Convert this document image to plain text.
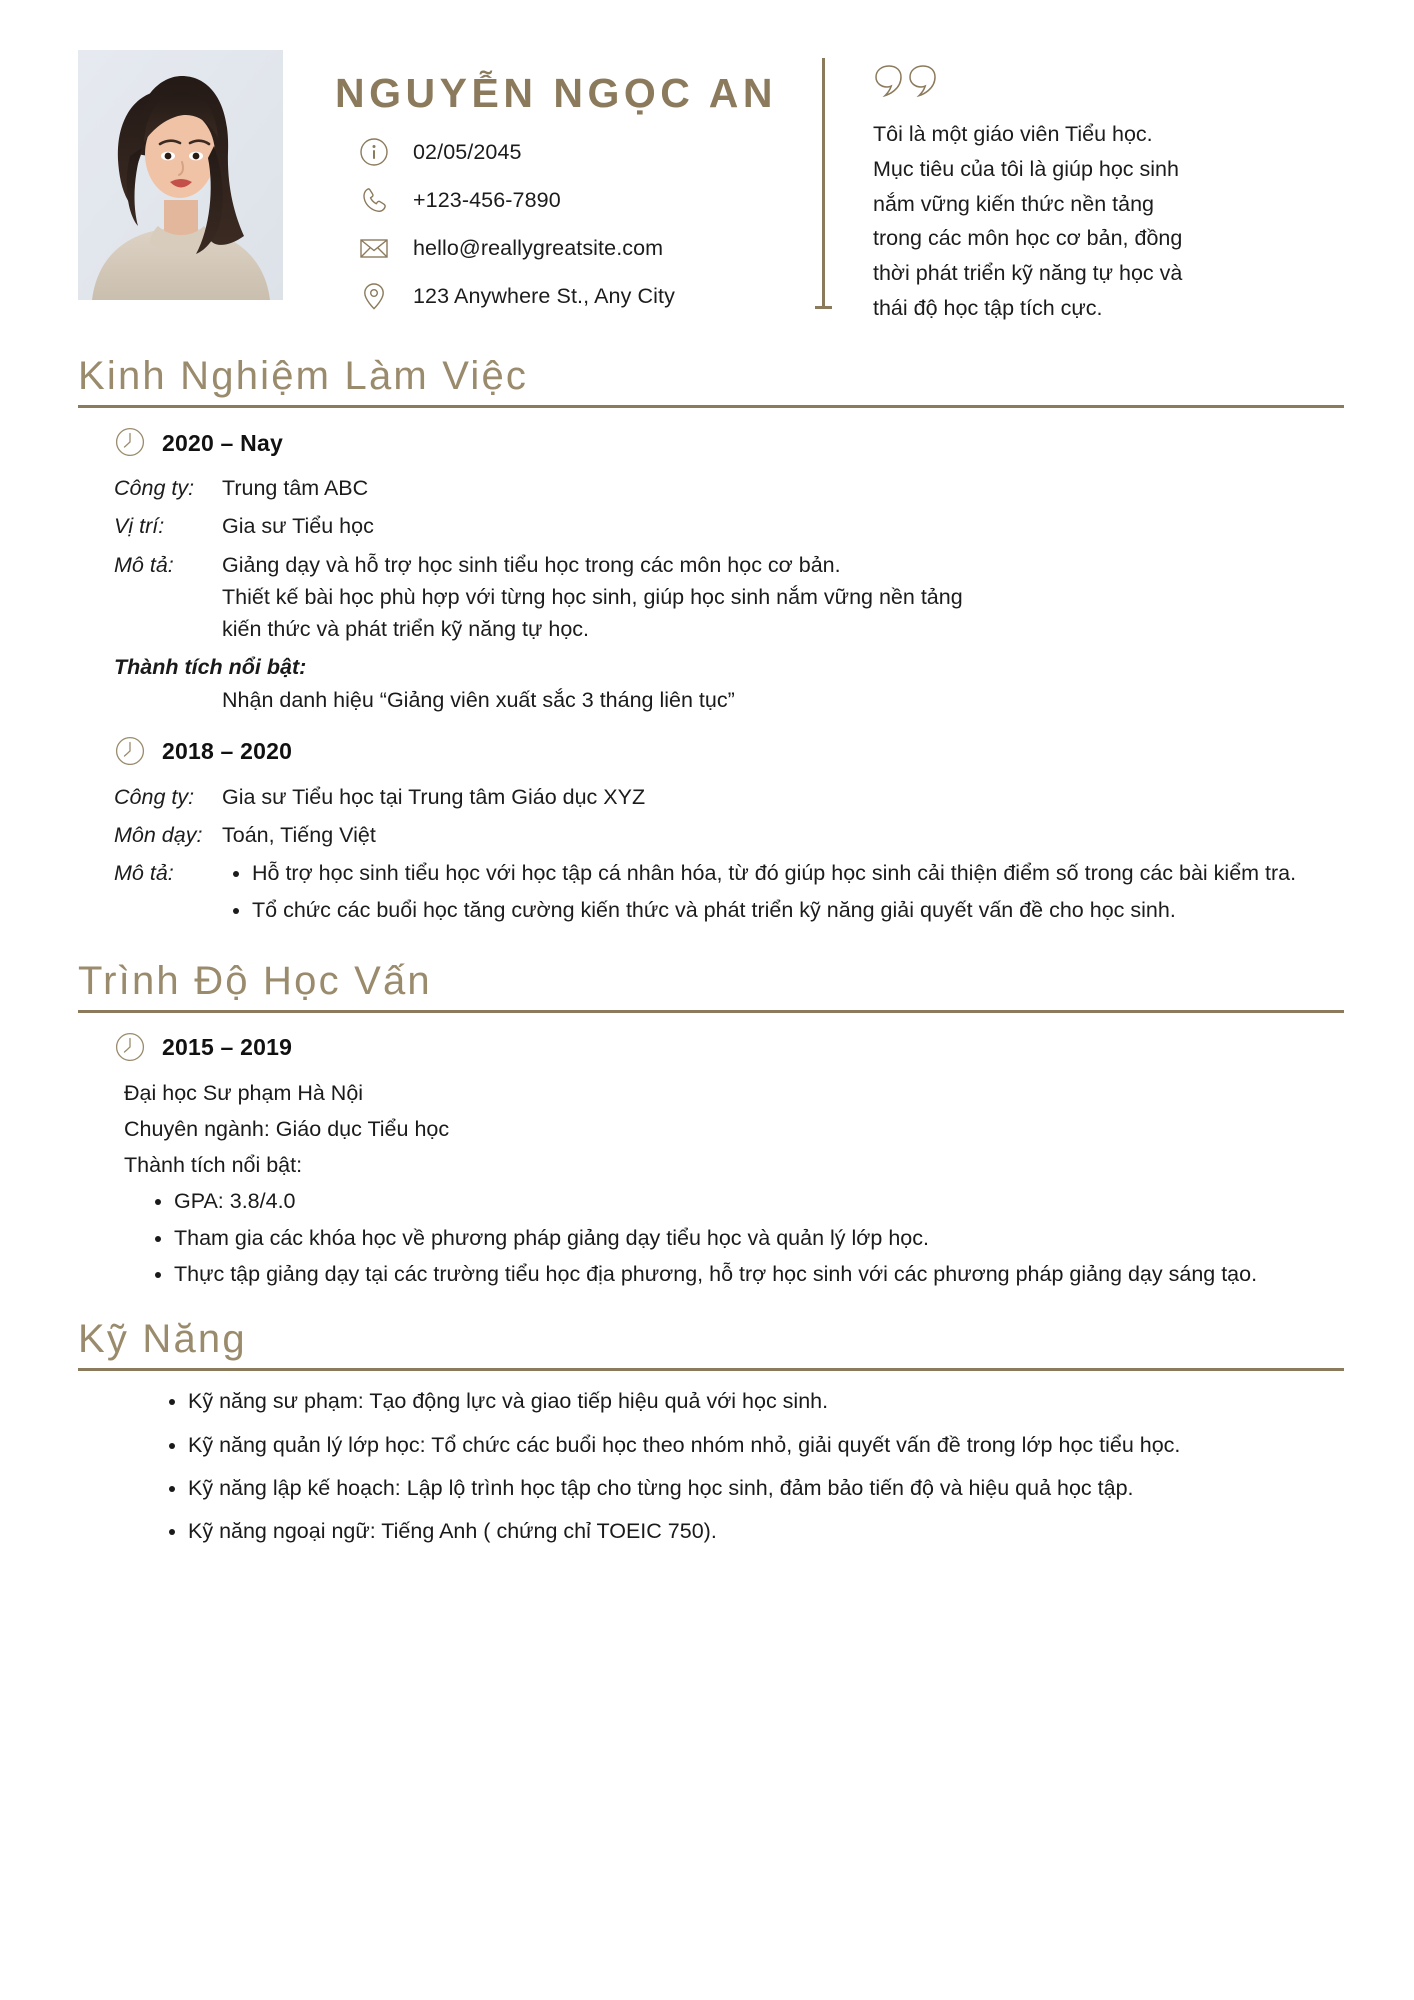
NGUYỄN NGỌC AN
02/05/2045
+123-456-7890
hello@reallygreatsite.com
123 Anywhere St., Any City
Tôi là một giáo viên Tiểu học. Mục tiêu của tôi là giúp học sinh nắm vững kiến thức nền tảng trong các môn học cơ bản, đồng thời phát triển kỹ năng tự học và thái độ học tập tích cực.
Kinh Nghiệm Làm Việc
2020 – Nay
Công ty:	Trung tâm ABC
Vị trí:	Gia sư Tiểu học
Mô tả:	Giảng dạy và hỗ trợ học sinh tiểu học trong các môn học cơ bản.
Thiết kế bài học phù hợp với từng học sinh, giúp học sinh nắm vững nền tảng
kiến thức và phát triển kỹ năng tự học.
Thành tích nổi bật:
Nhận danh hiệu “Giảng viên xuất sắc 3 tháng liên tục”
2018 – 2020
Công ty:	Gia sư Tiểu học tại Trung tâm Giáo dục XYZ
Môn dạy: Toán, Tiếng Việt
Mô tả:	• Hỗ trợ học sinh tiểu học với học tập cá nhân hóa, từ đó giúp học sinh cải thiện điểm số trong các bài kiểm tra.
• Tổ chức các buổi học tăng cường kiến thức và phát triển kỹ năng giải quyết vấn đề cho học sinh.
Trình Độ Học Vấn
2015 – 2019
Đại học Sư phạm Hà Nội
Chuyên ngành: Giáo dục Tiểu học
Thành tích nổi bật:
• GPA: 3.8/4.0
• Tham gia các khóa học về phương pháp giảng dạy tiểu học và quản lý lớp học.
• Thực tập giảng dạy tại các trường tiểu học địa phương, hỗ trợ học sinh với các phương pháp giảng dạy sáng tạo.
Kỹ Năng
• Kỹ năng sư phạm: Tạo động lực và giao tiếp hiệu quả với học sinh.
• Kỹ năng quản lý lớp học: Tổ chức các buổi học theo nhóm nhỏ, giải quyết vấn đề trong lớp học tiểu học.
• Kỹ năng lập kế hoạch: Lập lộ trình học tập cho từng học sinh, đảm bảo tiến độ và hiệu quả học tập.
• Kỹ năng ngoại ngữ: Tiếng Anh ( chứng chỉ TOEIC 750).
